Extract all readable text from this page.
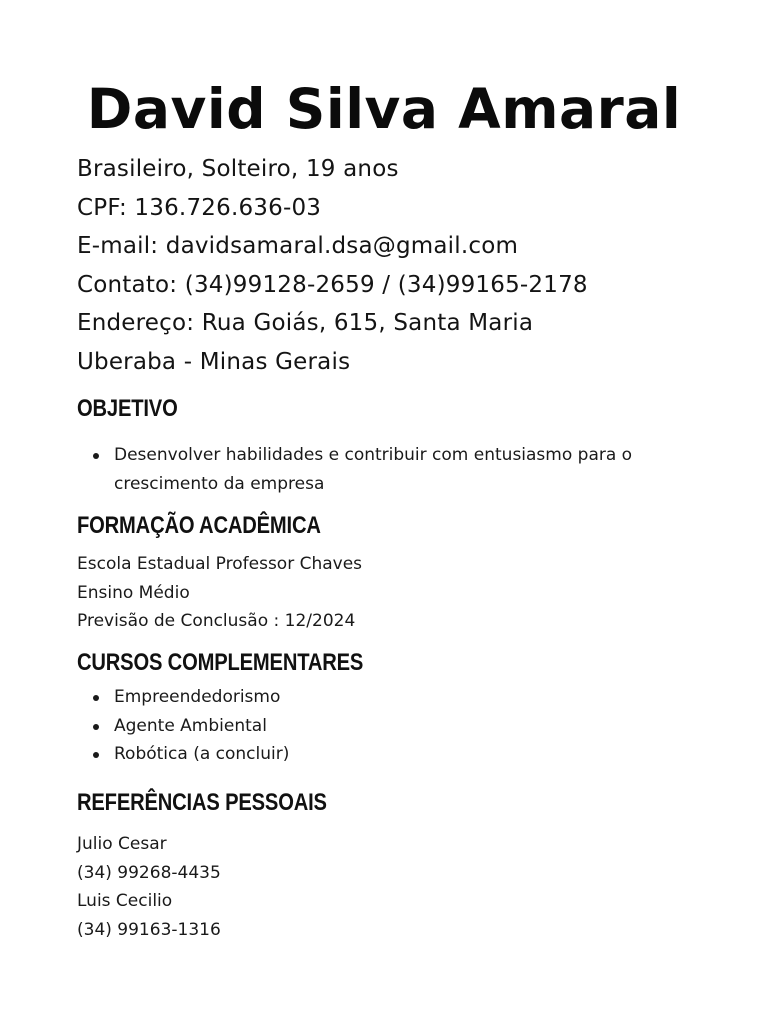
David Silva Amaral
Brasileiro, Solteiro, 19 anos
CPF: 136.726.636-03
E-mail: davidsamaral.dsa@gmail.com
Contato: (34)99128-2659 / (34)99165-2178
Endereço: Rua Goiás, 615, Santa Maria
Uberaba - Minas Gerais
OBJETIVO
Desenvolver habilidades e contribuir com entusiasmo para o crescimento da empresa
FORMAÇÃO ACADÊMICA
Escola Estadual Professor Chaves
Ensino Médio
Previsão de Conclusão : 12/2024
CURSOS COMPLEMENTARES
Empreendedorismo
Agente Ambiental
Robótica (a concluir)
REFERÊNCIAS PESSOAIS
Julio Cesar
(34) 99268-4435
Luis Cecilio
(34) 99163-1316
